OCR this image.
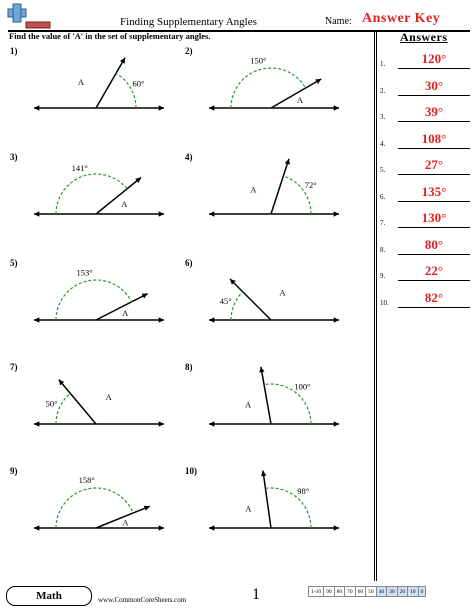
Finding Supplementary Angles	Name: Answer Key
Find the value of 'A' in the set of supplementary angles.	Answers
1.	120°
2.	30°
3.	39°
4.	108°
5.	27°
6.	135°
7.	130°
8.	80°
9.	22°
10.	82°
60°
A
1)
150°
A
2)
141°
A
3)
72°
A
4)
153°
A
5)
45°
A
6)
50°
A
7)
100°
A
8)
158°
A
9)
98°
A
10)
Math	www.CommonCoreSheets.com	1	1-10	90	80	70	60	50	40	30	20	10	0
